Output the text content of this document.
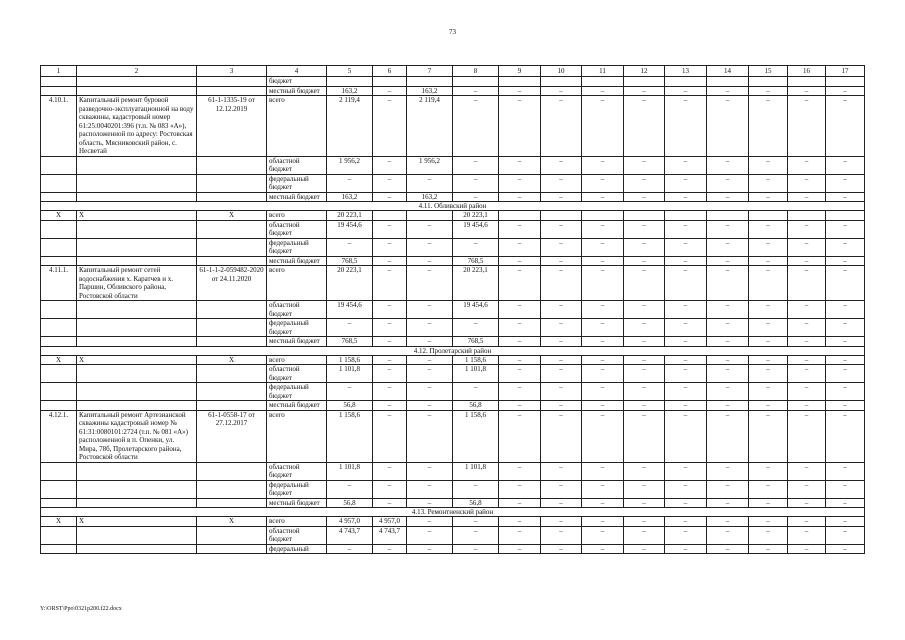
73
1	2	3	4	5	6	7	8	9	10	11	12	13	14	15	16	17
			бюджет													
			местный бюджет	163,2	–	163,2	–	–	–	–	–	–	–	–	–	–
4.10.1.	Капитальный ремонт буровой разведочно-эксплуатационной на воду скважины, кадастровый номер 61:25:0040201:396 (т.п. № 083 «А»), расположенной по адресу: Ростовская область, Мясниковский район, с. Несветай	61-1-1335-19 от 12.12.2019	всего	2 119,4	–	2 119,4	–	–	–	–	–	–	–	–	–	–
			областной бюджет	1 956,2	–	1 956,2	–	–	–	–	–	–	–	–	–	–
			федеральный бюджет	–	–	–	–	–	–	–	–	–	–	–	–	–
			местный бюджет	163,2	–	163,2	–	–	–	–	–	–	–	–	–	–
4.11. Обливский район																
X	X	X	всего	20 223,1			20 223,1									
			областной бюджет	19 454,6	–	–	19 454,6	–	–	–	–	–	–	–	–	–
			федеральный бюджет	–	–	–	–	–	–	–	–	–	–	–	–	–
			местный бюджет	768,5	–	–	768,5	–	–	–	–	–	–	–	–	–
4.11.1.	Капитальный ремонт сетей водоснабжения х. Каратчев и х. Паршин, Обливского района, Ростовской области	61-1-1-2-059482-2020 от 24.11.2020	всего	20 223,1	–	–	20 223,1	–	–	–	–	–	–	–	–	–
			областной бюджет	19 454,6	–	–	19 454,6	–	–	–	–	–	–	–	–	–
			федеральный бюджет	–	–	–	–	–	–	–	–	–	–	–	–	–
			местный бюджет	768,5	–	–	768,5	–	–	–	–	–	–	–	–	–
4.12. Пролетарский район																
X	X	X	всего	1 158,6	–	–	1 158,6	–	–	–	–	–	–	–	–	–
			областной бюджет	1 101,8	–	–	1 101,8	–	–	–	–	–	–	–	–	–
			федеральный бюджет	–	–	–	–	–	–	–	–	–	–	–	–	–
			местный бюджет	56,8	–	–	56,8	–	–	–	–	–	–	–	–	–
4.12.1.	Капитальный ремонт Артезианской скважины кадастровый номер № 61:31:0080101:2724 (т.п. № 081 «А») расположенной в п. Опенки, ул. Мира, 78б, Пролетарского района, Ростовской области	61-1-0558-17 от 27.12.2017	всего	1 158,6	–	–	1 158,6	–	–	–	–	–	–	–	–	–
			областной бюджет	1 101,8	–	–	1 101,8	–	–	–	–	–	–	–	–	–
			федеральный бюджет	–	–	–	–	–	–	–	–	–	–	–	–	–
			местный бюджет	56,8	–	–	56,8	–	–	–	–	–	–	–	–	–
4.13. Ремонтненский район																
X	X	X	всего	4 957,0	4 957,0	–	–	–	–	–	–	–	–	–	–	–
			областной бюджет	4 743,7	4 743,7	–	–	–	–	–	–	–	–	–	–	–
			федеральный	–	–	–	–	–	–	–	–	–	–	–	–	–
Y:\ORST\Ppo\0321p200.f22.docx
